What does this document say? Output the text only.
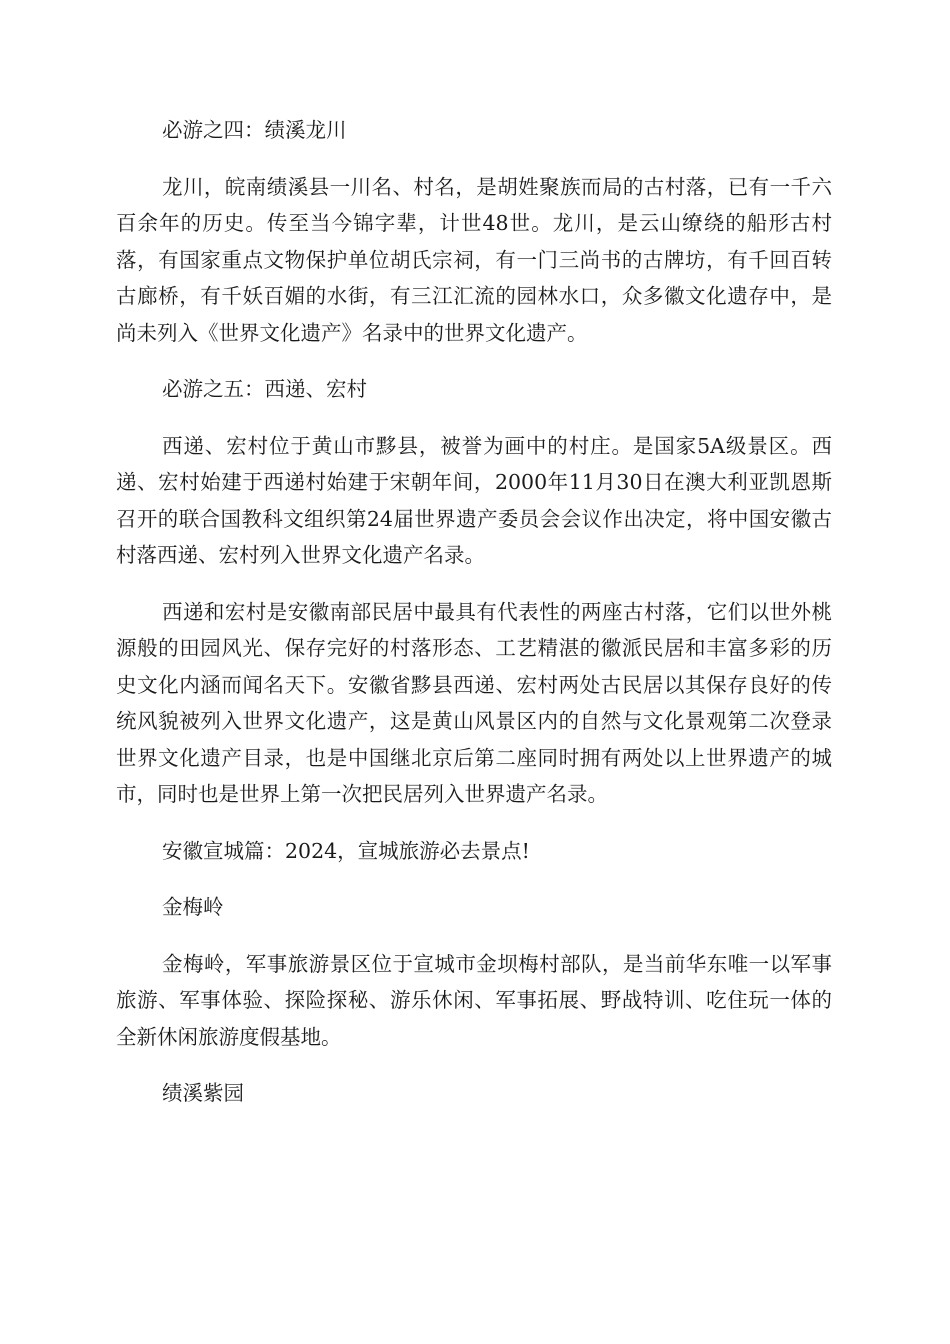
必游之四：绩溪龙川

龙川，皖南绩溪县一川名、村名，是胡姓聚族而局的古村落，已有一千六百余年的历史。传至当今锦字辈，计世48世。龙川，是云山缭绕的船形古村落，有国家重点文物保护单位胡氏宗祠，有一门三尚书的古牌坊，有千回百转古廊桥，有千妖百媚的水街，有三江汇流的园林水口，众多徽文化遗存中，是尚未列入《世界文化遗产》名录中的世界文化遗产。

必游之五：西递、宏村

西递、宏村位于黄山市黟县，被誉为画中的村庄。是国家5A级景区。西递、宏村始建于西递村始建于宋朝年间，2000年11月30日在澳大利亚凯恩斯召开的联合国教科文组织第24届世界遗产委员会会议作出决定，将中国安徽古村落西递、宏村列入世界文化遗产名录。

西递和宏村是安徽南部民居中最具有代表性的两座古村落，它们以世外桃源般的田园风光、保存完好的村落形态、工艺精湛的徽派民居和丰富多彩的历史文化内涵而闻名天下。安徽省黟县西递、宏村两处古民居以其保存良好的传统风貌被列入世界文化遗产，这是黄山风景区内的自然与文化景观第二次登录世界文化遗产目录，也是中国继北京后第二座同时拥有两处以上世界遗产的城市，同时也是世界上第一次把民居列入世界遗产名录。

安徽宣城篇：2024，宣城旅游必去景点!

金梅岭

金梅岭，军事旅游景区位于宣城市金坝梅村部队，是当前华东唯一以军事旅游、军事体验、探险探秘、游乐休闲、军事拓展、野战特训、吃住玩一体的全新休闲旅游度假基地。

绩溪紫园
